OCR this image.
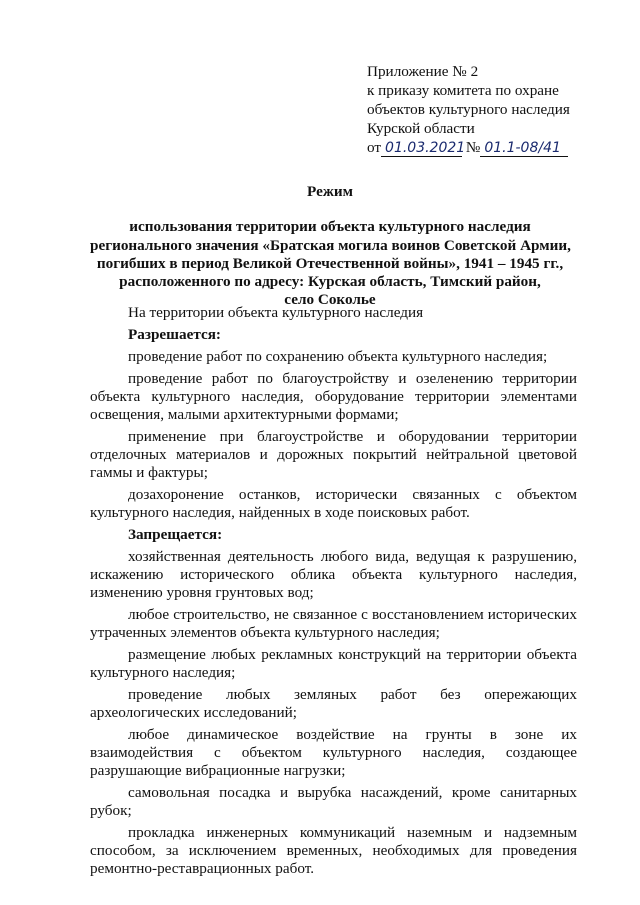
Приложение № 2
к приказу комитета по охране
объектов культурного наследия
Курской области
от 01.03.2021 № 01.1-08/41
Режим
использования территории объекта культурного наследия
регионального значения «Братская могила воинов Советской Армии,
погибших в период Великой Отечественной войны», 1941 – 1945 гг.,
расположенного по адресу: Курская область, Тимский район,
село Соколье
На территории объекта культурного наследия
Разрешается:
проведение работ по сохранению объекта культурного наследия;
проведение работ по благоустройству и озеленению территории объекта культурного наследия, оборудование территории элементами освещения, малыми архитектурными формами;
применение при благоустройстве и оборудовании территории отделочных материалов и дорожных покрытий нейтральной цветовой гаммы и фактуры;
дозахоронение останков, исторически связанных с объектом культурного наследия, найденных в ходе поисковых работ.
Запрещается:
хозяйственная деятельность любого вида, ведущая к разрушению, искажению исторического облика объекта культурного наследия, изменению уровня грунтовых вод;
любое строительство, не связанное с восстановлением исторических утраченных элементов объекта культурного наследия;
размещение любых рекламных конструкций на территории объекта культурного наследия;
проведение любых земляных работ без опережающих археологических исследований;
любое динамическое воздействие на грунты в зоне их взаимодействия с объектом культурного наследия, создающее разрушающие вибрационные нагрузки;
самовольная посадка и вырубка насаждений, кроме санитарных рубок;
прокладка инженерных коммуникаций наземным и надземным способом, за исключением временных, необходимых для проведения ремонтно-реставрационных работ.
